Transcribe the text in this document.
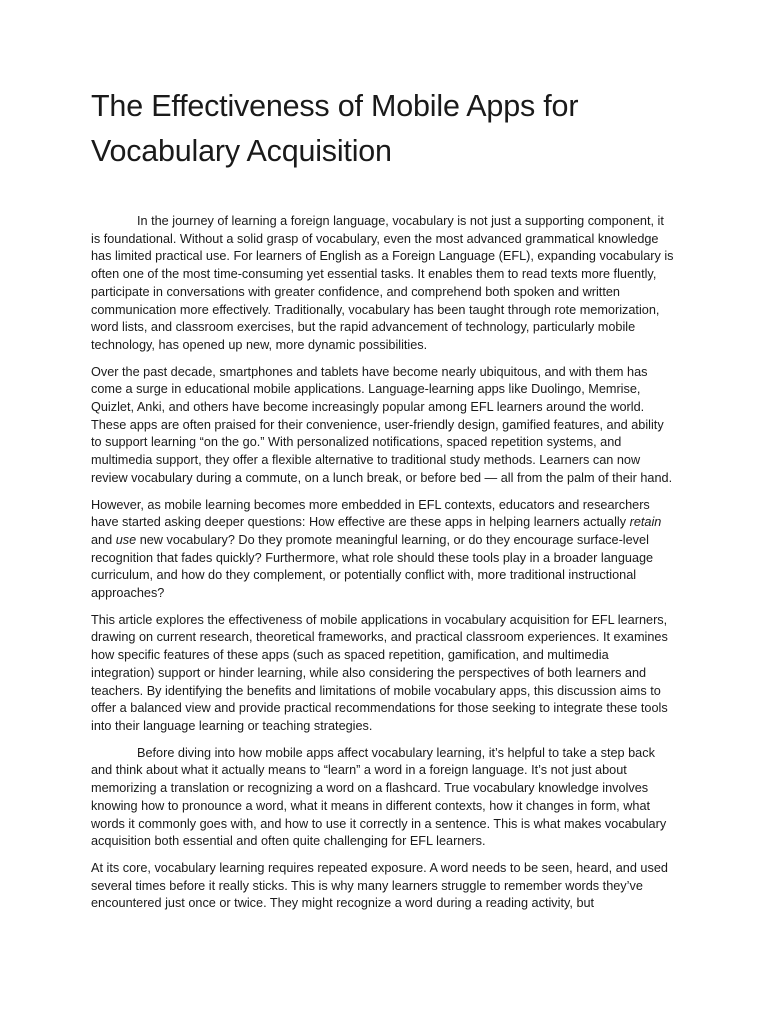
The Effectiveness of Mobile Apps for Vocabulary Acquisition

In the journey of learning a foreign language, vocabulary is not just a supporting component, it is foundational. Without a solid grasp of vocabulary, even the most advanced grammatical knowledge has limited practical use. For learners of English as a Foreign Language (EFL), expanding vocabulary is often one of the most time-consuming yet essential tasks. It enables them to read texts more fluently, participate in conversations with greater confidence, and comprehend both spoken and written communication more effectively. Traditionally, vocabulary has been taught through rote memorization, word lists, and classroom exercises, but the rapid advancement of technology, particularly mobile technology, has opened up new, more dynamic possibilities.

Over the past decade, smartphones and tablets have become nearly ubiquitous, and with them has come a surge in educational mobile applications. Language-learning apps like Duolingo, Memrise, Quizlet, Anki, and others have become increasingly popular among EFL learners around the world. These apps are often praised for their convenience, user-friendly design, gamified features, and ability to support learning “on the go.” With personalized notifications, spaced repetition systems, and multimedia support, they offer a flexible alternative to traditional study methods. Learners can now review vocabulary during a commute, on a lunch break, or before bed — all from the palm of their hand.

However, as mobile learning becomes more embedded in EFL contexts, educators and researchers have started asking deeper questions: How effective are these apps in helping learners actually retain and use new vocabulary? Do they promote meaningful learning, or do they encourage surface-level recognition that fades quickly? Furthermore, what role should these tools play in a broader language curriculum, and how do they complement, or potentially conflict with, more traditional instructional approaches?

This article explores the effectiveness of mobile applications in vocabulary acquisition for EFL learners, drawing on current research, theoretical frameworks, and practical classroom experiences. It examines how specific features of these apps (such as spaced repetition, gamification, and multimedia integration) support or hinder learning, while also considering the perspectives of both learners and teachers. By identifying the benefits and limitations of mobile vocabulary apps, this discussion aims to offer a balanced view and provide practical recommendations for those seeking to integrate these tools into their language learning or teaching strategies.

Before diving into how mobile apps affect vocabulary learning, it’s helpful to take a step back and think about what it actually means to “learn” a word in a foreign language. It’s not just about memorizing a translation or recognizing a word on a flashcard. True vocabulary knowledge involves knowing how to pronounce a word, what it means in different contexts, how it changes in form, what words it commonly goes with, and how to use it correctly in a sentence. This is what makes vocabulary acquisition both essential and often quite challenging for EFL learners.

At its core, vocabulary learning requires repeated exposure. A word needs to be seen, heard, and used several times before it really sticks. This is why many learners struggle to remember words they’ve encountered just once or twice. They might recognize a word during a reading activity, but
